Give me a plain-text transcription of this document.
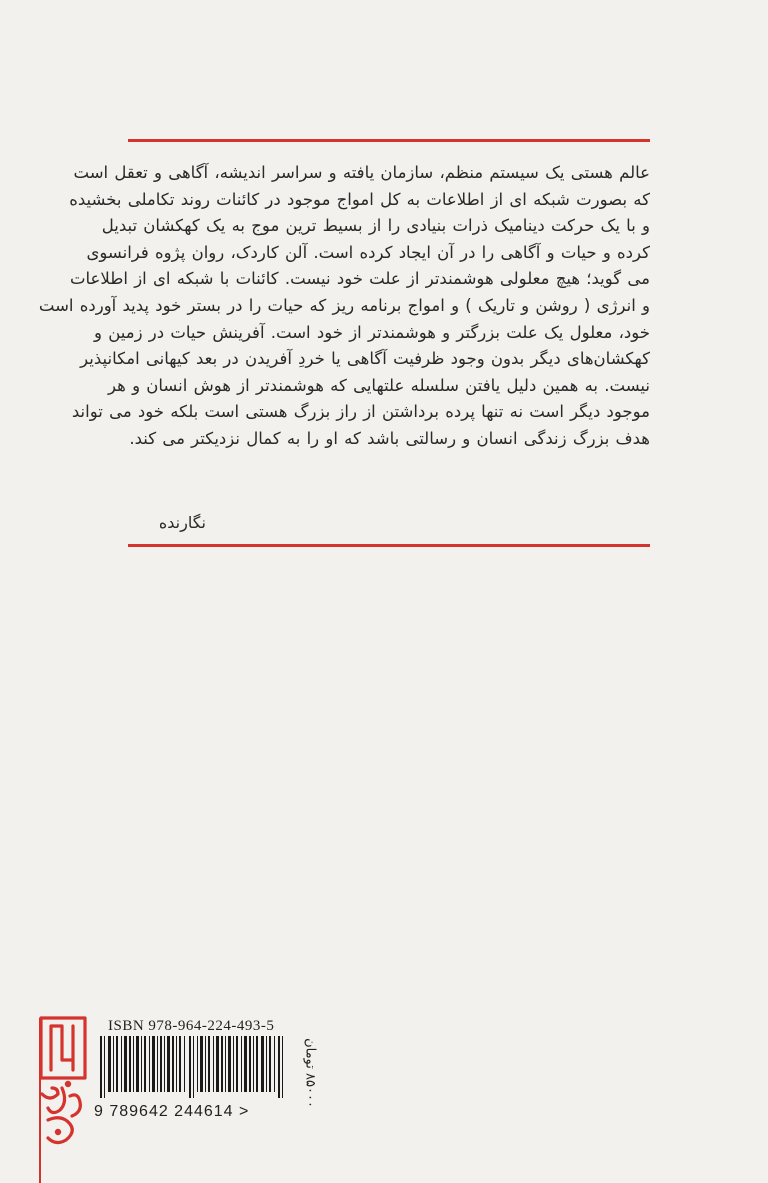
عالم هستی یک سیستم منظم، سازمان یافته و سراسر اندیشه، آگاهی و تعقل است
که بصورت شبکه ای از اطلاعات به کل امواج موجود در کائنات روند تکاملی بخشیده
و با یک حرکت دینامیک ذرات بنیادی را از بسیط ترین موج به یک کهکشان تبدیل
کرده و حیات و آگاهی را در آن ایجاد کرده است. آلن کاردک، روان پژوه فرانسوی
می گوید؛ هیچ معلولی هوشمندتر از علت خود نیست. کائنات با شبکه ای از اطلاعات
و انرژی ( روشن و تاریک ) و امواج برنامه ریز که حیات را در بستر خود پدید آورده است
خود، معلول یک علت بزرگتر و هوشمندتر از خود است. آفرینش حیات در زمین و
کهکشان‌های دیگر بدون وجود ظرفیت آگاهی یا خردِ آفریدن در بعد کیهانی امکانپذیر
نیست. به همین دلیل یافتن سلسله علتهایی که هوشمندتر از هوش انسان و هر
موجود دیگر است نه تنها پرده برداشتن از راز بزرگ هستی است بلکه خود می تواند
هدف بزرگ زندگی انسان و رسالتی باشد که او را به کمال نزدیکتر می کند.
نگارنده
ISBN 978-964-224-493-5
9 789642 244614 >
۸۵۰۰۰ تومان
